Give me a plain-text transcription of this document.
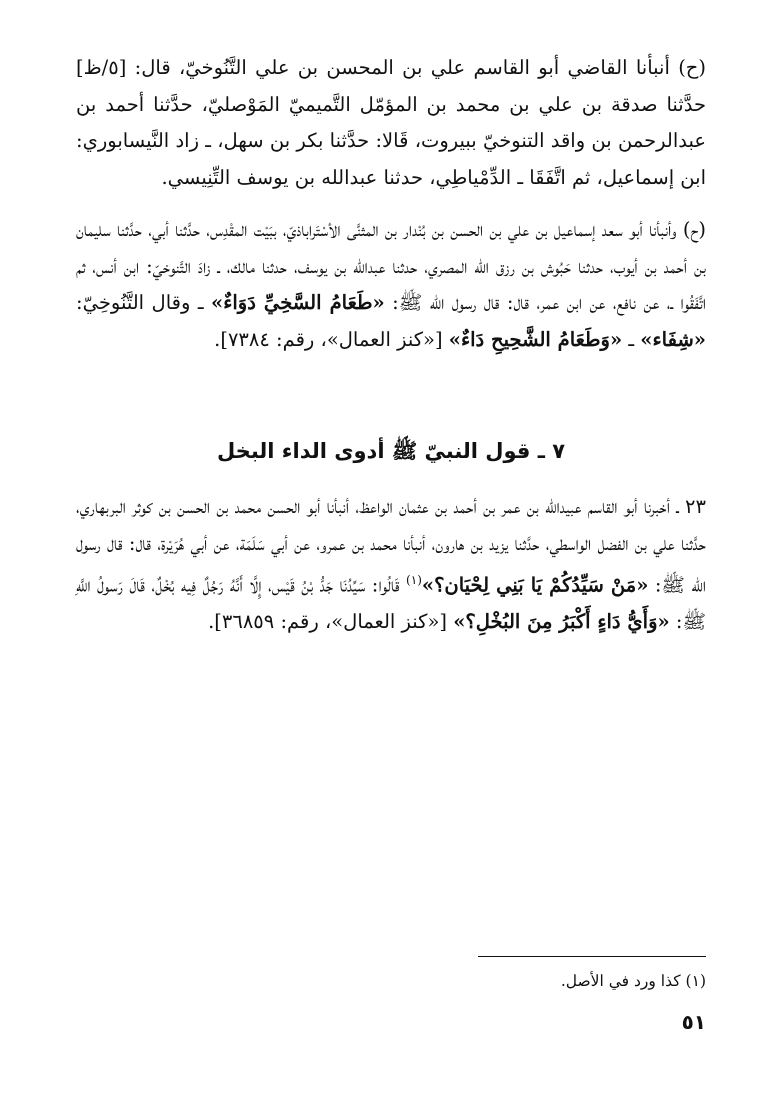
(ح) أنبأنا القاضي أبو القاسم علي بن المحسن بن علي التَّنُوخيّ، قال: [٥/ظ] حدَّثنا صدقة بن علي بن محمد بن المؤمّل التَّميميّ المَوْصليّ، حدَّثنا أحمد بن عبدالرحمن بن واقد التنوخيّ ببيروت، قَالا: حدَّثنا بكر بن سهل، ـ زاد النَّيسابوري: ابن إسماعيل، ثم اتَّفَقَا ـ الدِّمْياطِي، حدثنا عبدالله بن يوسف التِّنِيسي.

(ح) وأنبأنا أبو سعد إسماعيل بن علي بن الحسن بن بُنْدار بن المثنَّى الأسْتَراباذيّ، ببَيْت المقْدِس، حدَّثنا أبي، حدَّثنا سليمان بن أحمد بن أيوب، حدثنا حَبُوش بن رزق الله المصري، حدثنا عبدالله بن يوسف، حدثنا مالك، ـ زادَ التَّنوخيّ: ابن أنس، ثم اتَّفَقُوا ـ، عن نافع، عن ابن عمر، قال: قال رسول الله ﷺ: «طَعَامُ السَّخِيِّ دَوَاءٌ» ـ وقال التَّنُوخِيّ: «شِفَاء» ـ «وَطَعَامُ الشَّحِيحِ دَاءٌ» [«كنز العمال»، رقم: ٧٣٨٤].

٧ ـ قول النبيّ ﷺ أدوى الداء البخل

٢٣ ـ أخبرنا أبو القاسم عبيدالله بن عمر بن أحمد بن عثمان الواعظ، أنبأنا أبو الحسن محمد بن الحسن بن كوثر البربهاري، حدَّثنا علي بن الفضل الواسطي، حدَّثنا يزيد بن هارون، أنبأنا محمد بن عمرو، عن أبي سَلَمَة، عن أبي هُرَيْرة، قال: قال رسول الله ﷺ: «مَنْ سَيِّدُكُمْ يَا بَنِي لِحْيَان؟»$^{(١)}$ قَالُوا: سَيِّدُنَا جَدُّ بْنُ قَيْس، إِلَّا أَنَّهُ رَجُلٌ فِيه بُخْلٌ، قَالَ رَسولُ اللَّهِ ﷺ: «وَأَيُّ دَاءٍ أَكْبَرُ مِنَ البُخْلِ؟» [«كنز العمال»، رقم: ٣٦٨٥٩].

(١) كذا ورد في الأصل.
٥١
